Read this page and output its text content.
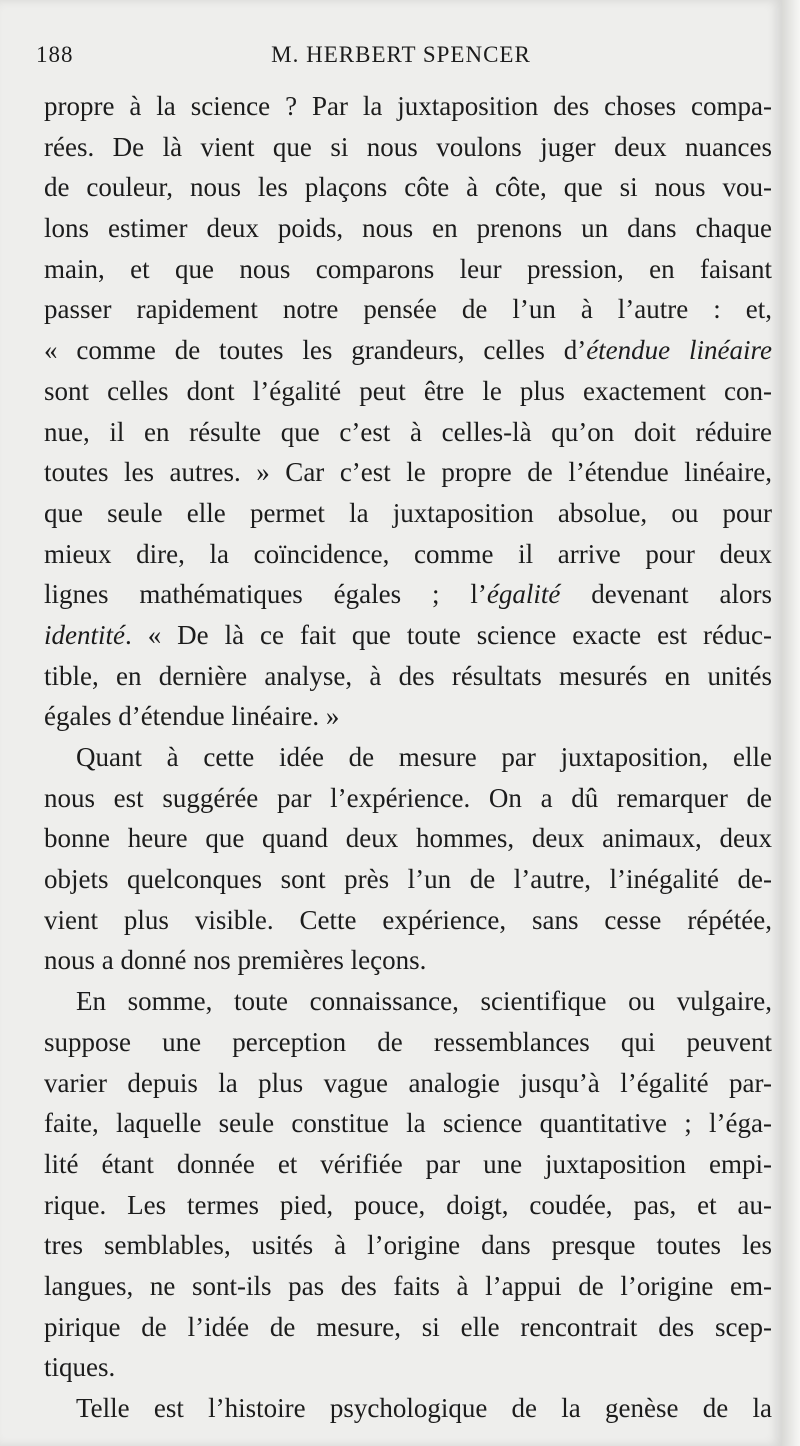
188	M. HERBERT SPENCER
propre à la science ? Par la juxtaposition des choses compa-
rées. De là vient que si nous voulons juger deux nuances
de couleur, nous les plaçons côte à côte, que si nous vou-
lons estimer deux poids, nous en prenons un dans chaque
main, et que nous comparons leur pression, en faisant
passer rapidement notre pensée de l’un à l’autre : et,
« comme de toutes les grandeurs, celles d’étendue linéaire
sont celles dont l’égalité peut être le plus exactement con-
nue, il en résulte que c’est à celles-là qu’on doit réduire
toutes les autres. » Car c’est le propre de l’étendue linéaire,
que seule elle permet la juxtaposition absolue, ou pour
mieux dire, la coïncidence, comme il arrive pour deux
lignes mathématiques égales ; l’égalité devenant alors
identité. « De là ce fait que toute science exacte est réduc-
tible, en dernière analyse, à des résultats mesurés en unités
égales d’étendue linéaire. »
Quant à cette idée de mesure par juxtaposition, elle
nous est suggérée par l’expérience. On a dû remarquer de
bonne heure que quand deux hommes, deux animaux, deux
objets quelconques sont près l’un de l’autre, l’inégalité de-
vient plus visible. Cette expérience, sans cesse répétée,
nous a donné nos premières leçons.
En somme, toute connaissance, scientifique ou vulgaire,
suppose une perception de ressemblances qui peuvent
varier depuis la plus vague analogie jusqu’à l’égalité par-
faite, laquelle seule constitue la science quantitative ; l’éga-
lité étant donnée et vérifiée par une juxtaposition empi-
rique. Les termes pied, pouce, doigt, coudée, pas, et au-
tres semblables, usités à l’origine dans presque toutes les
langues, ne sont-ils pas des faits à l’appui de l’origine em-
pirique de l’idée de mesure, si elle rencontrait des scep-
tiques.
Telle est l’histoire psychologique de la genèse de la
